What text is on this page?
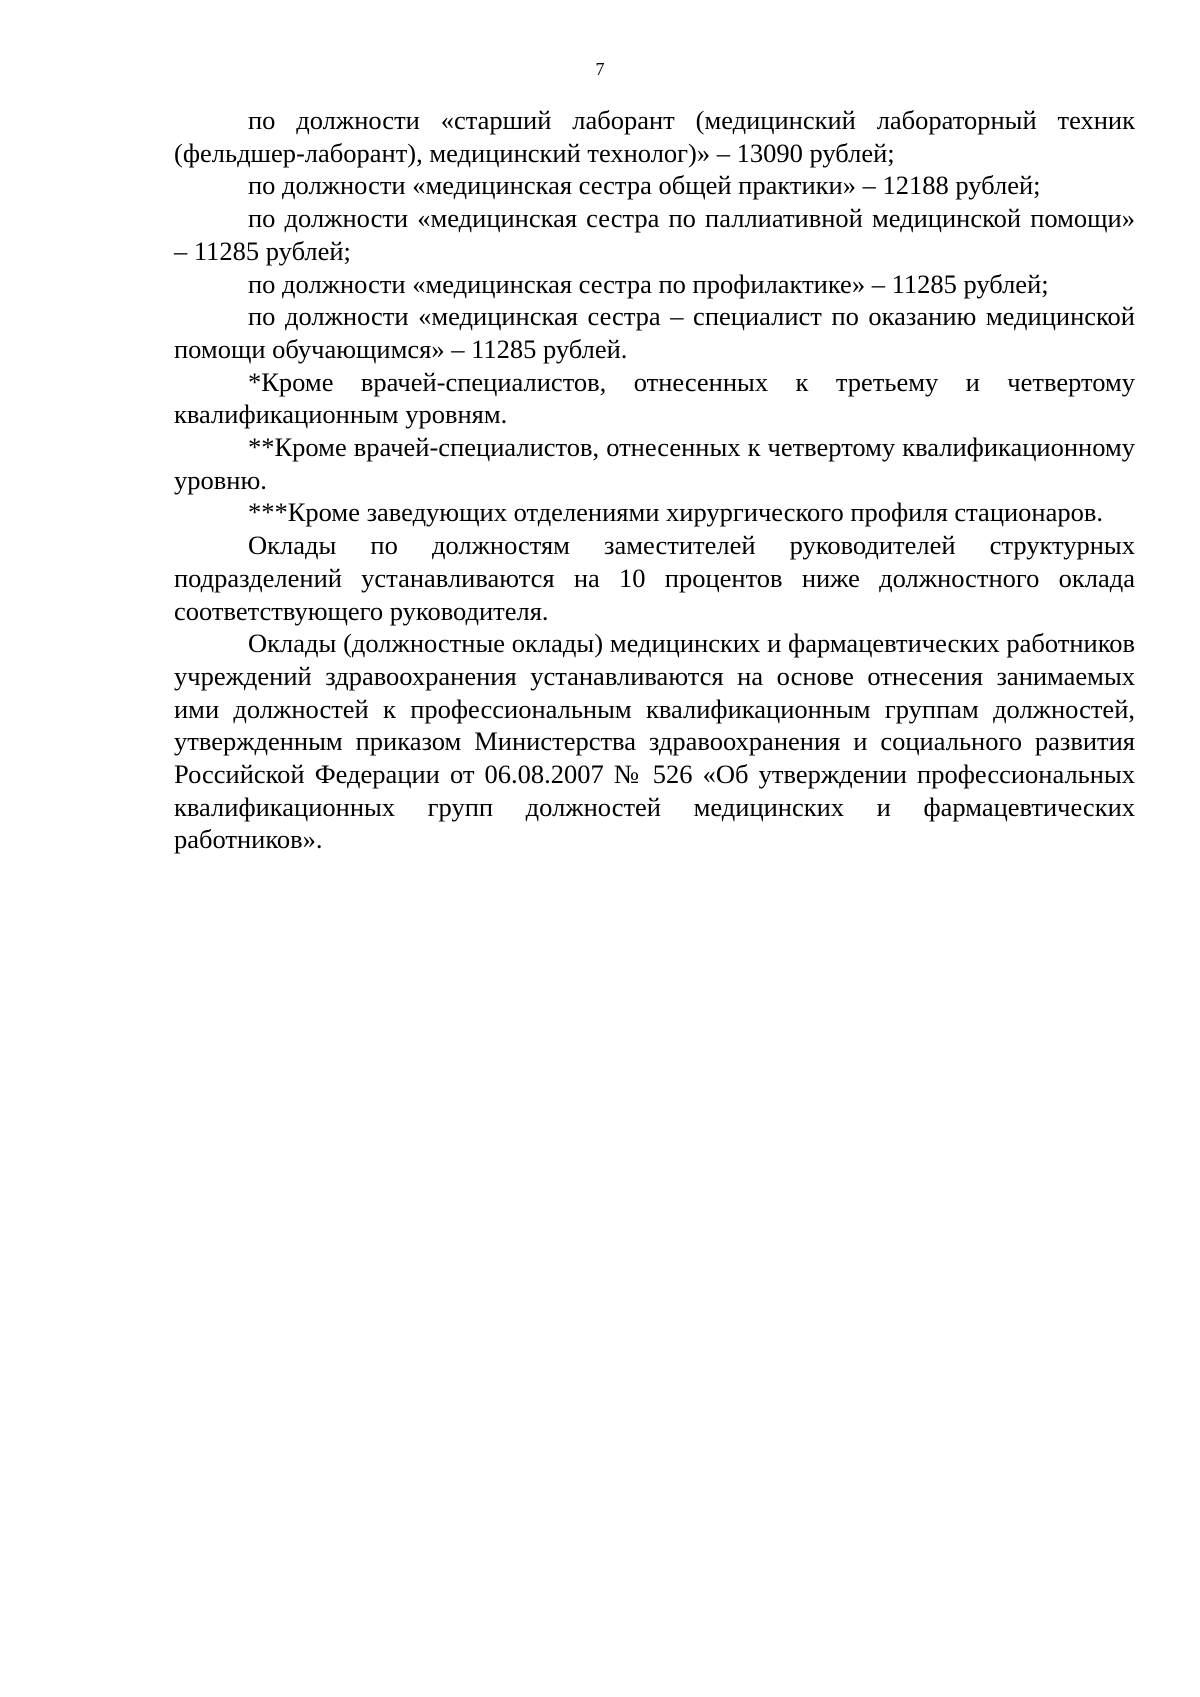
7

по должности «старший лаборант (медицинский лабораторный техник (фельдшер-лаборант), медицинский технолог)» – 13090 рублей;

по должности «медицинская сестра общей практики» – 12188 рублей;

по должности «медицинская сестра по паллиативной медицинской помощи» – 11285 рублей;

по должности «медицинская сестра по профилактике» – 11285 рублей;

по должности «медицинская сестра – специалист по оказанию медицинской помощи обучающимся» – 11285 рублей.

*Кроме врачей-специалистов, отнесенных к третьему и четвертому квалификационным уровням.

**Кроме врачей-специалистов, отнесенных к четвертому квалификационному уровню.

***Кроме заведующих отделениями хирургического профиля стационаров.

Оклады по должностям заместителей руководителей структурных подразделений устанавливаются на 10 процентов ниже должностного оклада соответствующего руководителя.

Оклады (должностные оклады) медицинских и фармацевтических работников учреждений здравоохранения устанавливаются на основе отнесения занимаемых ими должностей к профессиональным квалификационным группам должностей, утвержденным приказом Министерства здравоохранения и социального развития Российской Федерации от 06.08.2007 № 526 «Об утверждении профессиональных квалификационных групп должностей медицинских и фармацевтических работников».
